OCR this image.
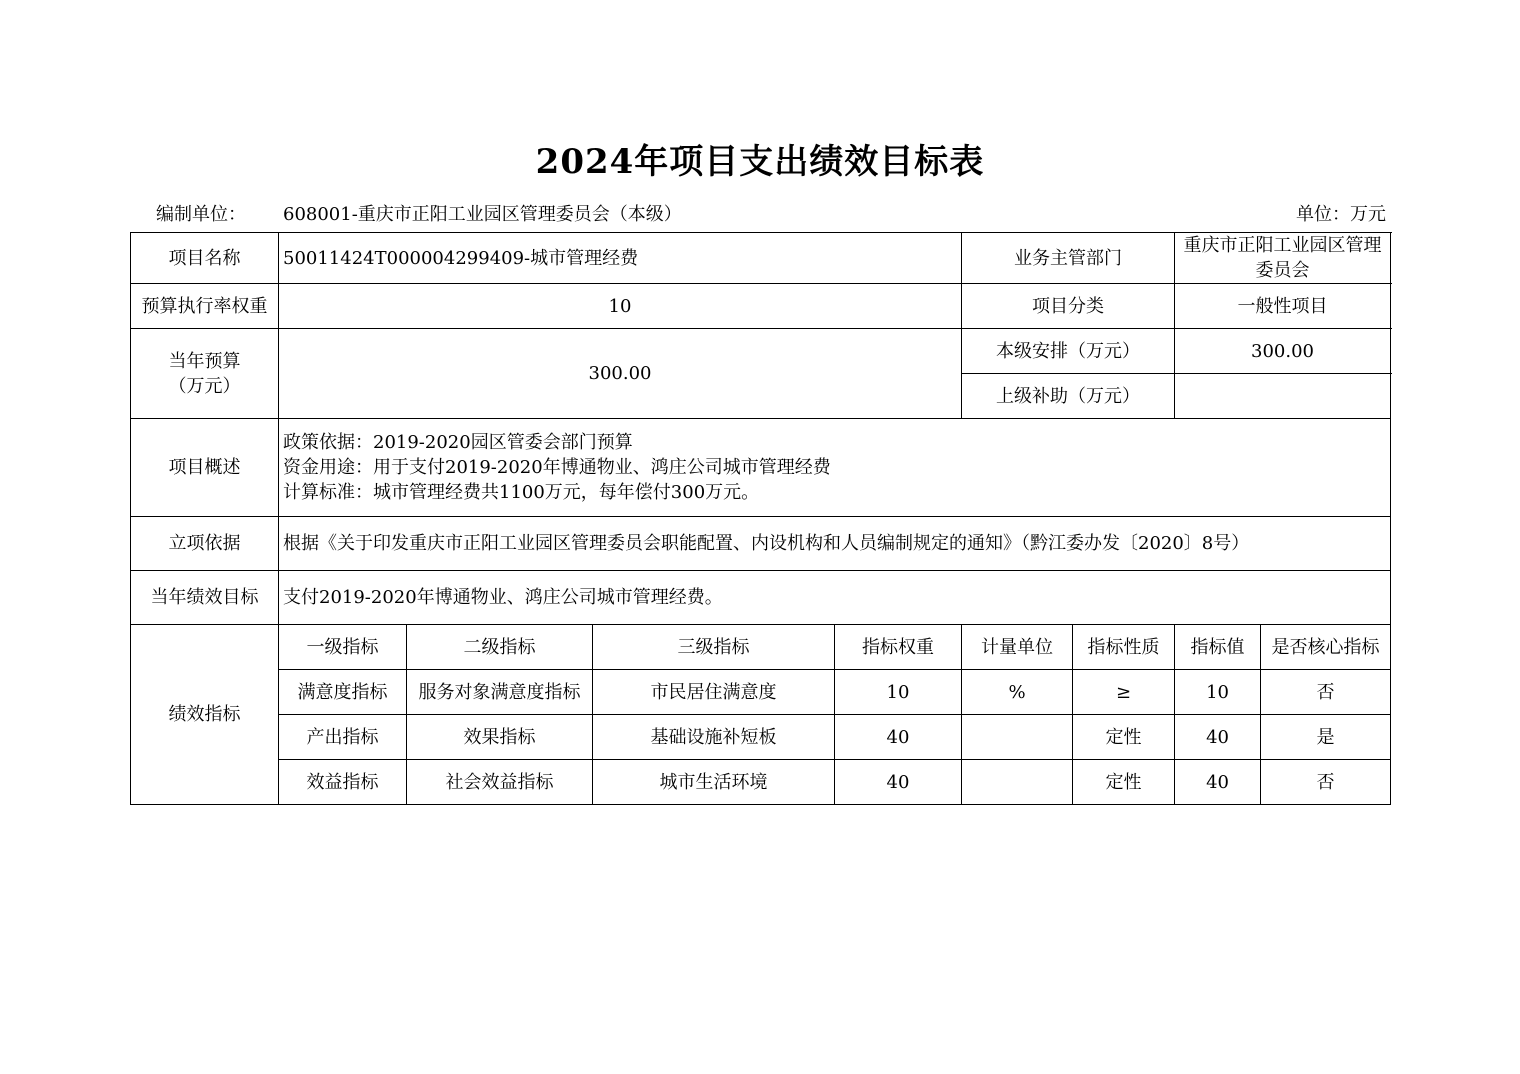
2024年项目支出绩效目标表
编制单位： 608001-重庆市正阳工业园区管理委员会（本级）	单位：万元
项目名称	50011424T000004299409-城市管理经费				业务主管部门		重庆市正阳工业园区管理委员会	
预算执行率权重	10				项目分类		一般性项目	

当年预算
（万元）	300.00				本级安排（万元）		300.00	
					上级补助（万元）			
项目概述	政策依据：2019-2020园区管委会部门预算
资金用途：用于支付2019-2020年博通物业、鸿庄公司城市管理经费
计算标准：城市管理经费共1100万元，每年偿付300万元。							

立项依据	根据《关于印发重庆市正阳工业园区管理委员会职能配置、内设机构和人员编制规定的通知》（黔江委办发〔2020〕8号）							
当年绩效目标	支付2019-2020年博通物业、鸿庄公司城市管理经费。							
绩效指标	一级指标	二级指标	三级指标	指标权重	计量单位	指标性质	指标值	是否核心指标
	满意度指标	服务对象满意度指标	市民居住满意度	10	%	≥	10	否
	产出指标	效果指标	基础设施补短板	40		定性	40	是
	效益指标	社会效益指标	城市生活环境	40		定性	40	否
